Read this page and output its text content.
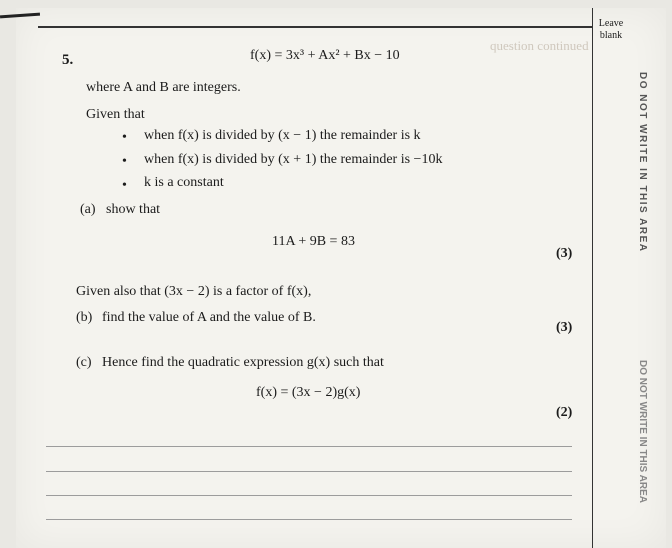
Leave blank
DO NOT WRITE IN THIS AREA
DO NOT WRITE IN THIS AREA
question continued
5.	f(x) = 3x³ + Ax² + Bx − 10
where A and B are integers.
Given that
• when f(x) is divided by (x − 1) the remainder is k
• when f(x) is divided by (x + 1) the remainder is −10k
• k is a constant
(a) show that
11A + 9B = 83
(3)
Given also that (3x − 2) is a factor of f(x),
(b) find the value of A and the value of B.
(3)
(c) Hence find the quadratic expression g(x) such that
f(x) = (3x − 2)g(x)
(2)
